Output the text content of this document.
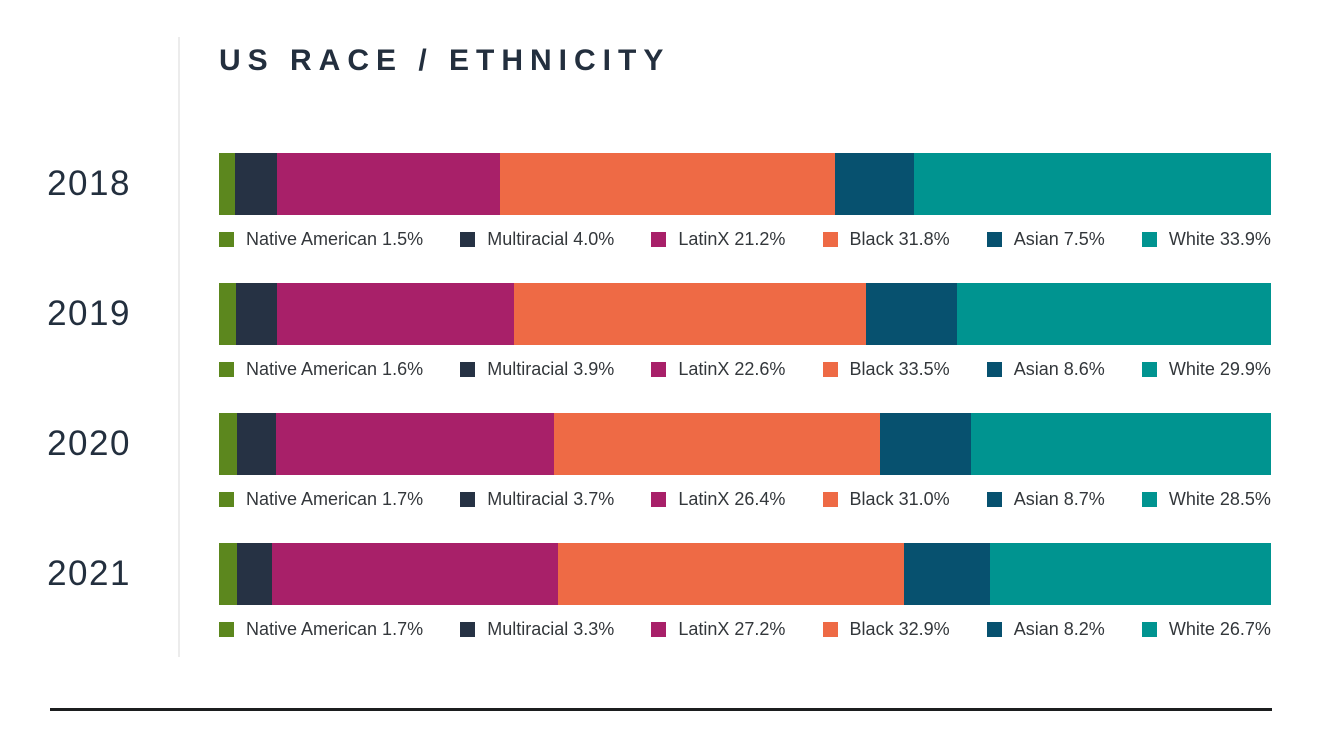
US RACE / ETHNICITY
2018
2019
2020
2021
Native American 1.5%	Multiracial 4.0%	LatinX 21.2%	Black 31.8%	Asian 7.5%	White 33.9%
Native American 1.6%	Multiracial 3.9%	LatinX 22.6%	Black 33.5%	Asian 8.6%	White 29.9%
Native American 1.7%	Multiracial 3.7%	LatinX 26.4%	Black 31.0%	Asian 8.7%	White 28.5%
Native American 1.7%	Multiracial 3.3%	LatinX 27.2%	Black 32.9%	Asian 8.2%	White 26.7%
